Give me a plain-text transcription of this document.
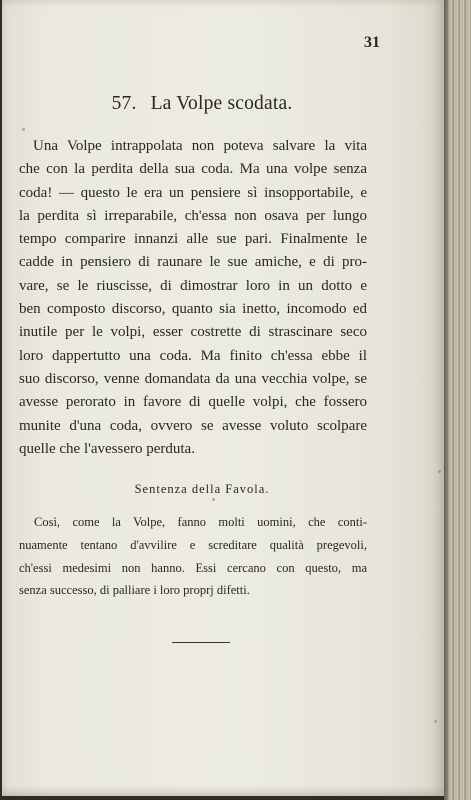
31
57. La Volpe scodata.

Una Volpe intrappolata non poteva salvare la vita
che con la perdita della sua coda. Ma una volpe senza
coda! — questo le era un pensiere sì insopportabile, e
la perdita sì irreparabile, ch'essa non osava per lungo
tempo comparire innanzi alle sue pari. Finalmente le
cadde in pensiero di raunare le sue amiche, e di pro-
vare, se le riuscisse, di dimostrar loro in un dotto e
ben composto discorso, quanto sia inetto, incomodo ed
inutile per le volpi, esser costrette di strascinare seco
loro dappertutto una coda. Ma finito ch'essa ebbe il
suo discorso, venne domandata da una vecchia volpe, se
avesse perorato in favore di quelle volpi, che fossero
munite d'una coda, ovvero se avesse voluto scolpare
quelle che l'avessero perduta.

Sentenza della Favola.

Così, come la Volpe, fanno molti uomini, che conti-
nuamente tentano d'avvilire e screditare qualità pregevoli,
ch'essi medesimi non hanno. Essi cercano con questo, ma
senza successo, di palliare i loro proprj difetti.
